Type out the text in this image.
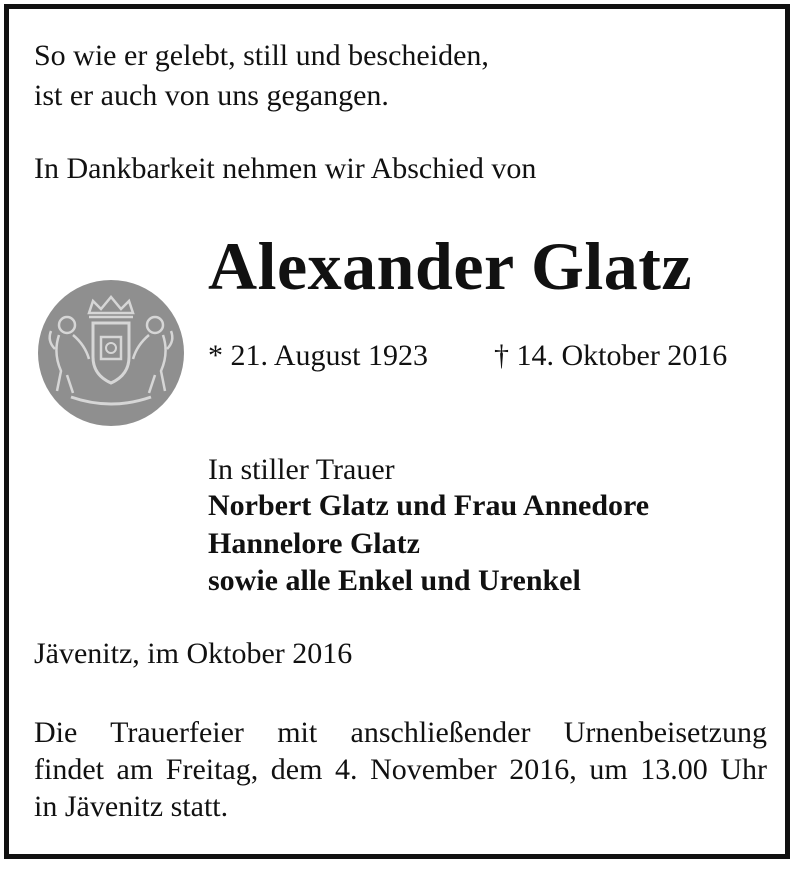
So wie er gelebt, still und bescheiden,

ist er auch von uns gegangen.

In Dankbarkeit nehmen wir Abschied von

Alexander Glatz

* 21. August 1923 † 14. Oktober 2016

In stiller Trauer

Norbert Glatz und Frau Annedore

Hannelore Glatz

sowie alle Enkel und Urenkel

Jävenitz, im Oktober 2016

Die Trauerfeier mit anschließender Urnenbeisetzung
findet am Freitag, dem 4. November 2016, um 13.00 Uhr
in Jävenitz statt.
